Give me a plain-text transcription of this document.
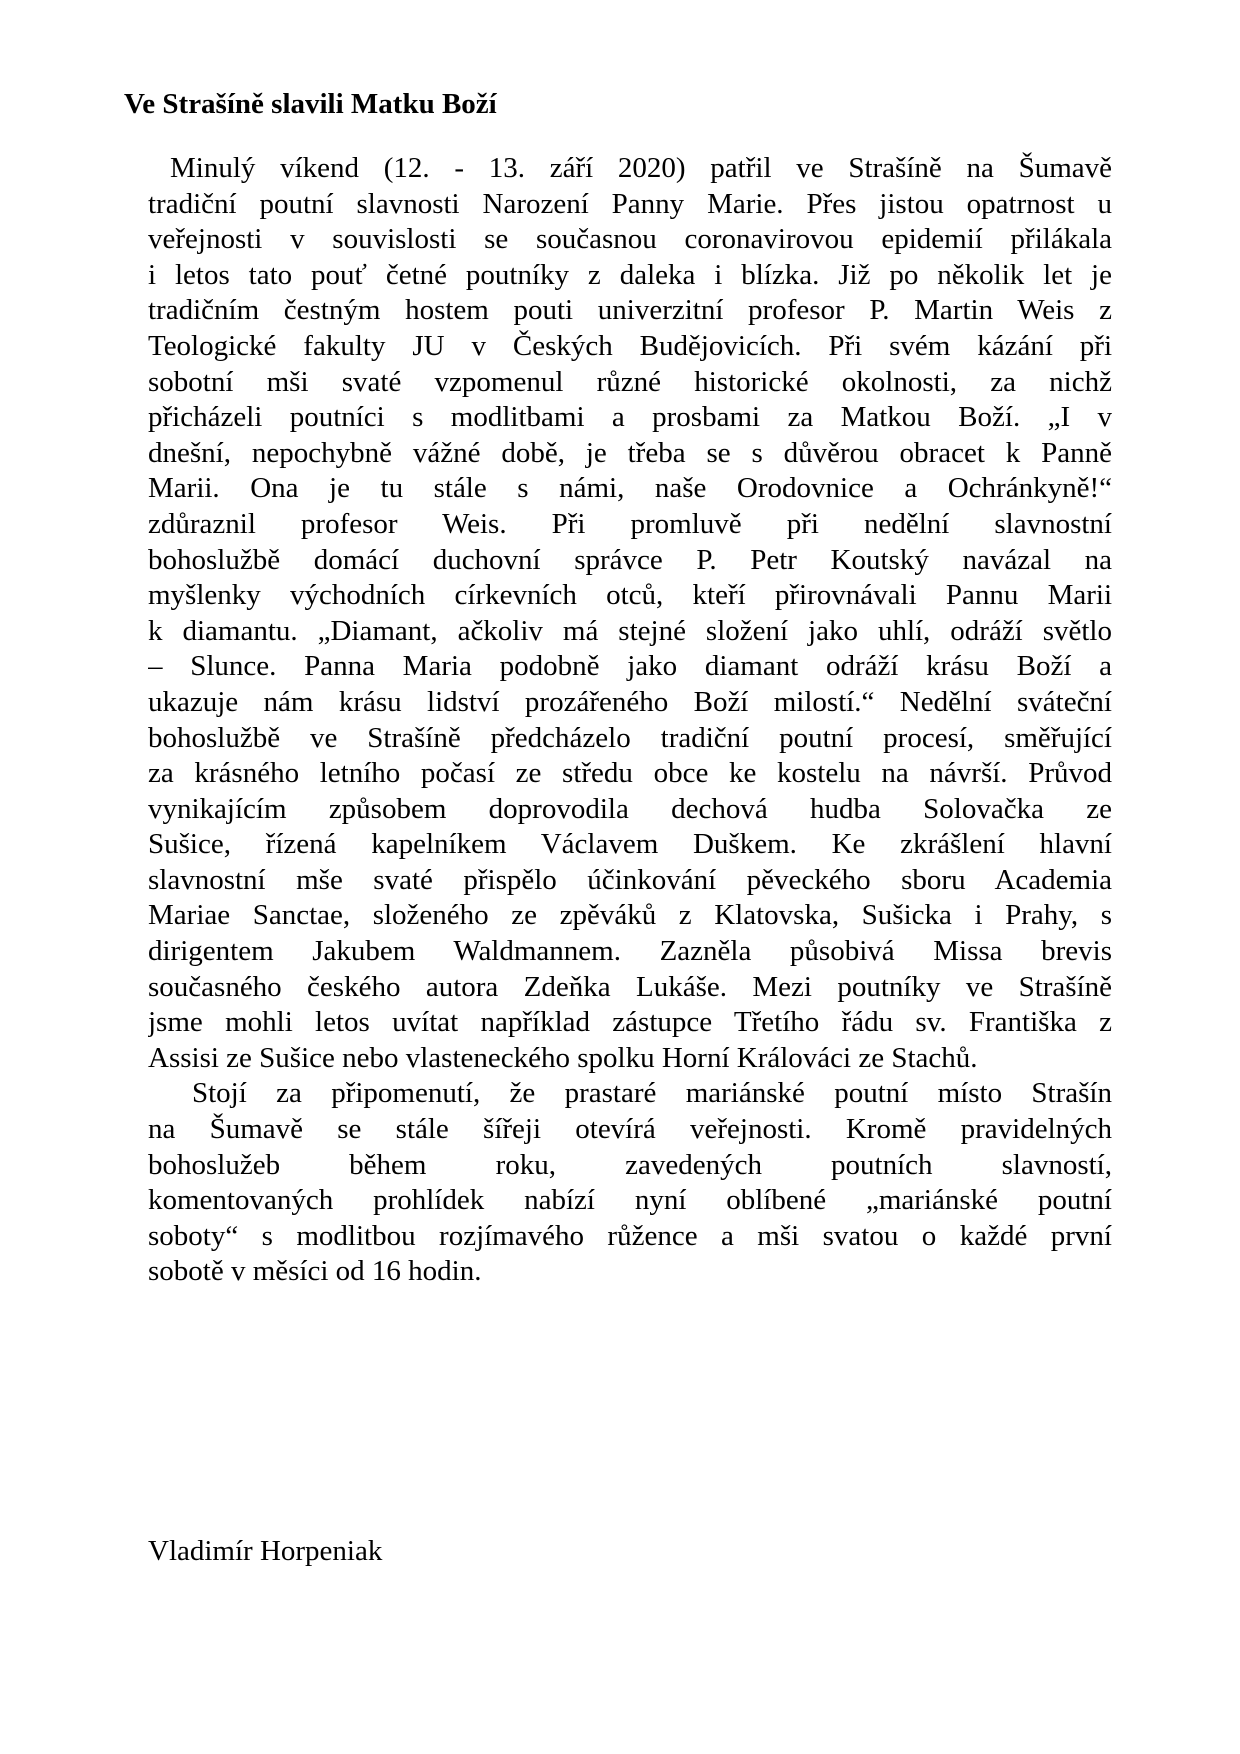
Ve Strašíně slavili Matku Boží
Minulý víkend (12. - 13. září 2020) patřil ve Strašíně na Šumavě
tradiční poutní slavnosti Narození Panny Marie. Přes jistou opatrnost u
veřejnosti v souvislosti se současnou coronavirovou epidemií přilákala
i letos tato pouť četné poutníky z daleka i blízka. Již po několik let je
tradičním čestným hostem pouti univerzitní profesor P. Martin Weis z
Teologické fakulty JU v Českých Budějovicích. Při svém kázání při
sobotní mši svaté vzpomenul různé historické okolnosti, za nichž
přicházeli poutníci s modlitbami a prosbami za Matkou Boží. „I v
dnešní, nepochybně vážné době, je třeba se s důvěrou obracet k Panně
Marii. Ona je tu stále s námi, naše Orodovnice a Ochránkyně!“
zdůraznil profesor Weis. Při promluvě při nedělní slavnostní
bohoslužbě domácí duchovní správce P. Petr Koutský navázal na
myšlenky východních církevních otců, kteří přirovnávali Pannu Marii
k diamantu. „Diamant, ačkoliv má stejné složení jako uhlí, odráží světlo
– Slunce. Panna Maria podobně jako diamant odráží krásu Boží a
ukazuje nám krásu lidství prozářeného Boží milostí.“ Nedělní sváteční
bohoslužbě ve Strašíně předcházelo tradiční poutní procesí, směřující
za krásného letního počasí ze středu obce ke kostelu na návrší. Průvod
vynikajícím způsobem doprovodila dechová hudba Solovačka ze
Sušice, řízená kapelníkem Václavem Duškem. Ke zkrášlení hlavní
slavnostní mše svaté přispělo účinkování pěveckého sboru Academia
Mariae Sanctae, složeného ze zpěváků z Klatovska, Sušicka i Prahy, s
dirigentem Jakubem Waldmannem. Zazněla působivá Missa brevis
současného českého autora Zdeňka Lukáše. Mezi poutníky ve Strašíně
jsme mohli letos uvítat například zástupce Třetího řádu sv. Františka z
Assisi ze Sušice nebo vlasteneckého spolku Horní Králováci ze Stachů.
Stojí za připomenutí, že prastaré mariánské poutní místo Strašín
na Šumavě se stále šířeji otevírá veřejnosti. Kromě pravidelných
bohoslužeb během roku, zavedených poutních slavností,
komentovaných prohlídek nabízí nyní oblíbené „mariánské poutní
soboty“ s modlitbou rozjímavého růžence a mši svatou o každé první
sobotě v měsíci od 16 hodin.
Vladimír Horpeniak
